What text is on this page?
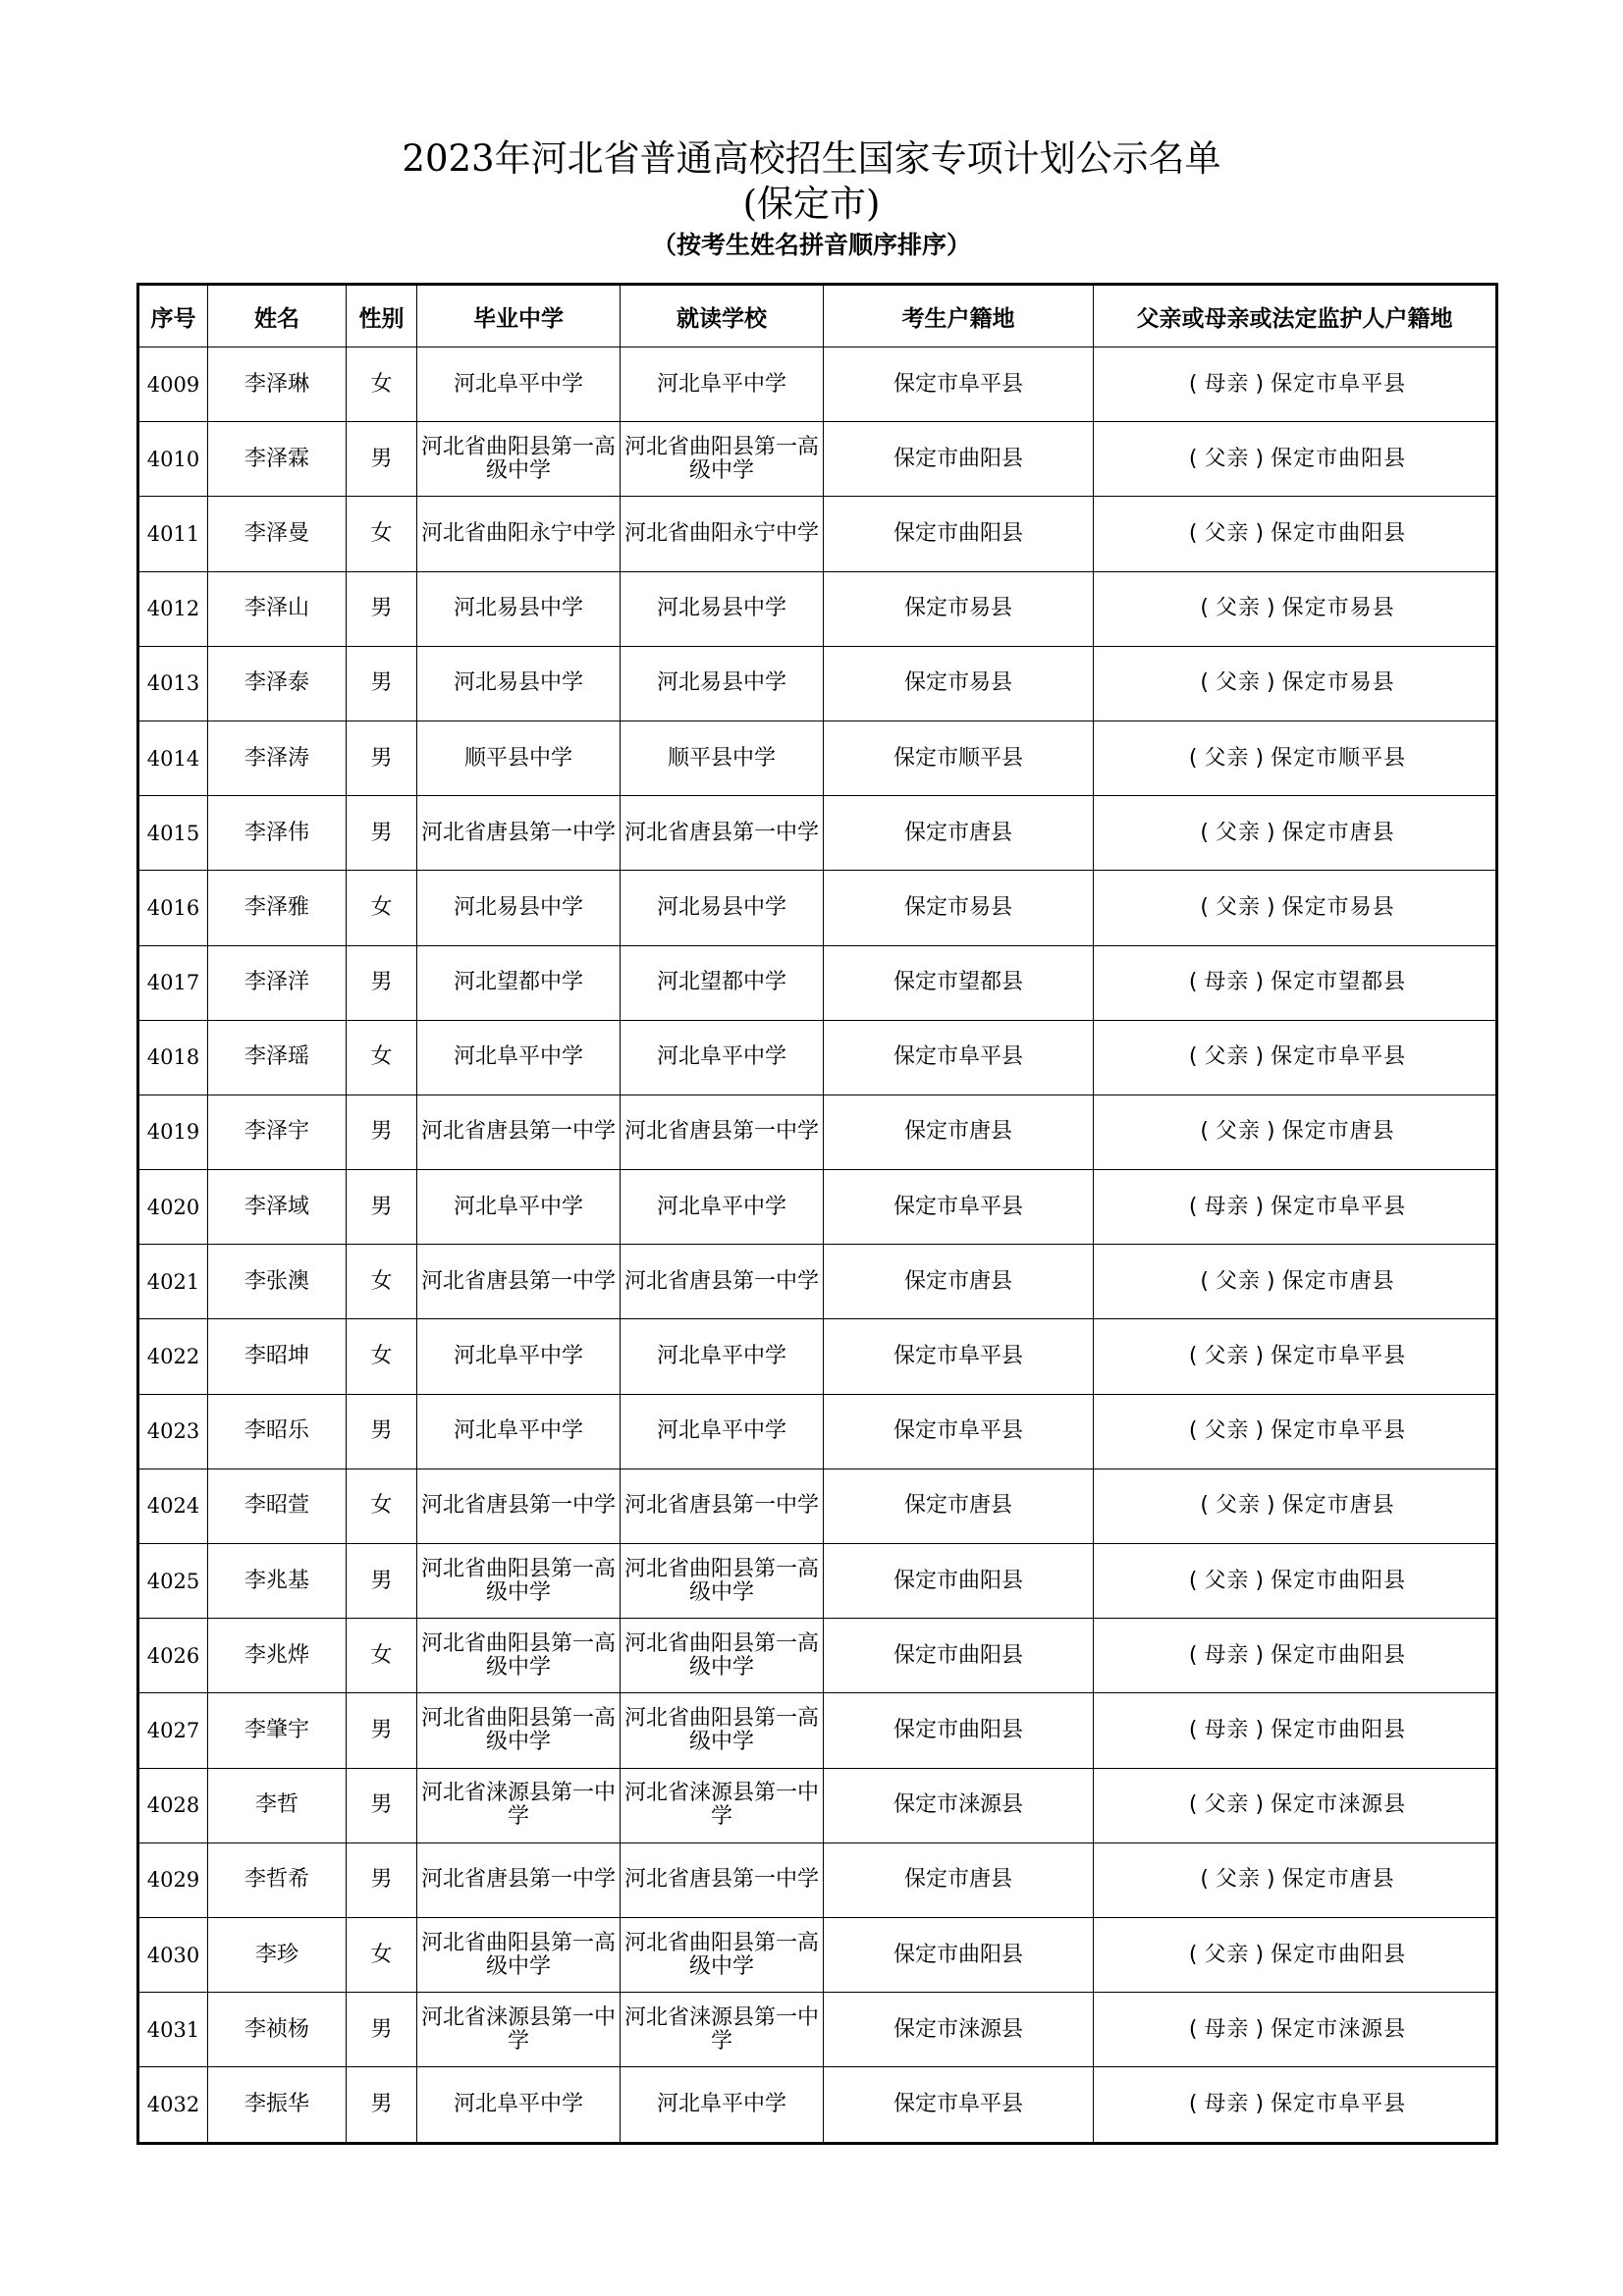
2023年河北省普通高校招生国家专项计划公示名单
(保定市)
（按考生姓名拼音顺序排序）
序号	姓名	性别	毕业中学	就读学校	考生户籍地	父亲或母亲或法定监护人户籍地
4009	李泽琳	女	河北阜平中学	河北阜平中学	保定市阜平县	( 母亲 ) 保定市阜平县
4010	李泽霖	男	河北省曲阳县第一高级中学	河北省曲阳县第一高级中学	保定市曲阳县	( 父亲 ) 保定市曲阳县
4011	李泽曼	女	河北省曲阳永宁中学	河北省曲阳永宁中学	保定市曲阳县	( 父亲 ) 保定市曲阳县
4012	李泽山	男	河北易县中学	河北易县中学	保定市易县	( 父亲 ) 保定市易县
4013	李泽泰	男	河北易县中学	河北易县中学	保定市易县	( 父亲 ) 保定市易县
4014	李泽涛	男	顺平县中学	顺平县中学	保定市顺平县	( 父亲 ) 保定市顺平县
4015	李泽伟	男	河北省唐县第一中学	河北省唐县第一中学	保定市唐县	( 父亲 ) 保定市唐县
4016	李泽雅	女	河北易县中学	河北易县中学	保定市易县	( 父亲 ) 保定市易县
4017	李泽洋	男	河北望都中学	河北望都中学	保定市望都县	( 母亲 ) 保定市望都县
4018	李泽瑶	女	河北阜平中学	河北阜平中学	保定市阜平县	( 父亲 ) 保定市阜平县
4019	李泽宇	男	河北省唐县第一中学	河北省唐县第一中学	保定市唐县	( 父亲 ) 保定市唐县
4020	李泽域	男	河北阜平中学	河北阜平中学	保定市阜平县	( 母亲 ) 保定市阜平县
4021	李张澳	女	河北省唐县第一中学	河北省唐县第一中学	保定市唐县	( 父亲 ) 保定市唐县
4022	李昭坤	女	河北阜平中学	河北阜平中学	保定市阜平县	( 父亲 ) 保定市阜平县
4023	李昭乐	男	河北阜平中学	河北阜平中学	保定市阜平县	( 父亲 ) 保定市阜平县
4024	李昭萱	女	河北省唐县第一中学	河北省唐县第一中学	保定市唐县	( 父亲 ) 保定市唐县
4025	李兆基	男	河北省曲阳县第一高级中学	河北省曲阳县第一高级中学	保定市曲阳县	( 父亲 ) 保定市曲阳县
4026	李兆烨	女	河北省曲阳县第一高级中学	河北省曲阳县第一高级中学	保定市曲阳县	( 母亲 ) 保定市曲阳县
4027	李肇宇	男	河北省曲阳县第一高级中学	河北省曲阳县第一高级中学	保定市曲阳县	( 母亲 ) 保定市曲阳县
4028	李哲	男	河北省涞源县第一中学	河北省涞源县第一中学	保定市涞源县	( 父亲 ) 保定市涞源县
4029	李哲希	男	河北省唐县第一中学	河北省唐县第一中学	保定市唐县	( 父亲 ) 保定市唐县
4030	李珍	女	河北省曲阳县第一高级中学	河北省曲阳县第一高级中学	保定市曲阳县	( 父亲 ) 保定市曲阳县
4031	李祯杨	男	河北省涞源县第一中学	河北省涞源县第一中学	保定市涞源县	( 母亲 ) 保定市涞源县
4032	李振华	男	河北阜平中学	河北阜平中学	保定市阜平县	( 母亲 ) 保定市阜平县
